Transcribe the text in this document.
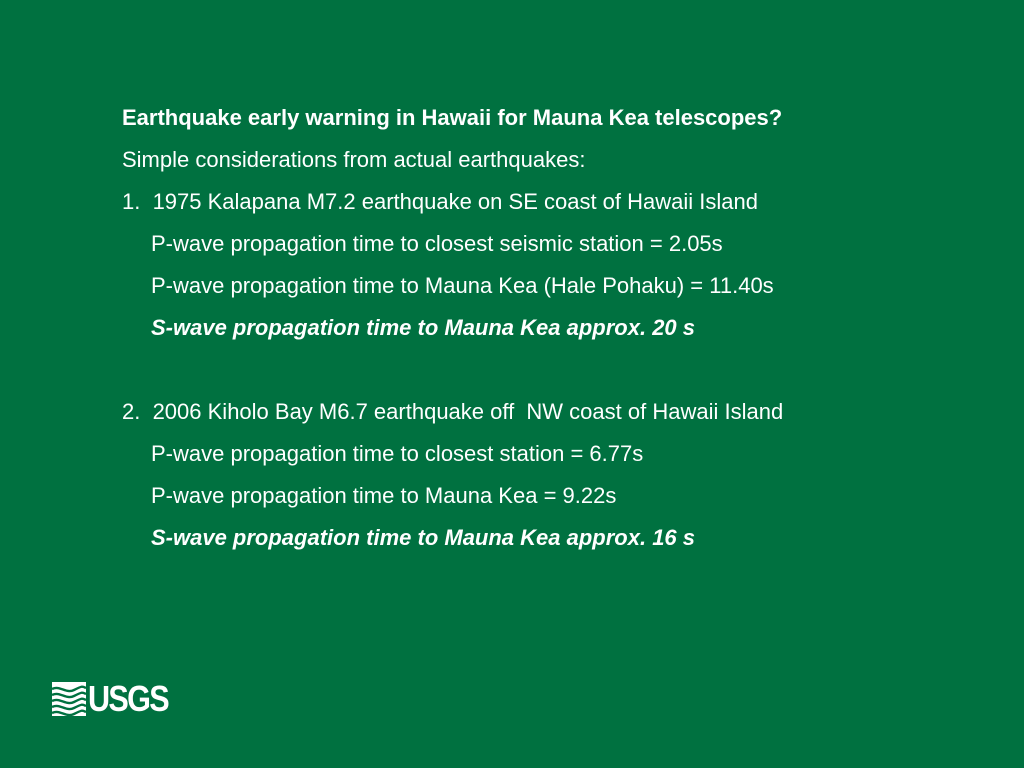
Earthquake early warning in Hawaii for Mauna Kea telescopes?
Simple considerations from actual earthquakes:
1.  1975 Kalapana M7.2 earthquake on SE coast of Hawaii Island
P-wave propagation time to closest seismic station = 2.05s
P-wave propagation time to Mauna Kea (Hale Pohaku) = 11.40s
S-wave propagation time to Mauna Kea approx. 20 s
2.  2006 Kiholo Bay M6.7 earthquake off  NW coast of Hawaii Island
P-wave propagation time to closest station = 6.77s
P-wave propagation time to Mauna Kea = 9.22s
S-wave propagation time to Mauna Kea approx. 16 s
USGS
